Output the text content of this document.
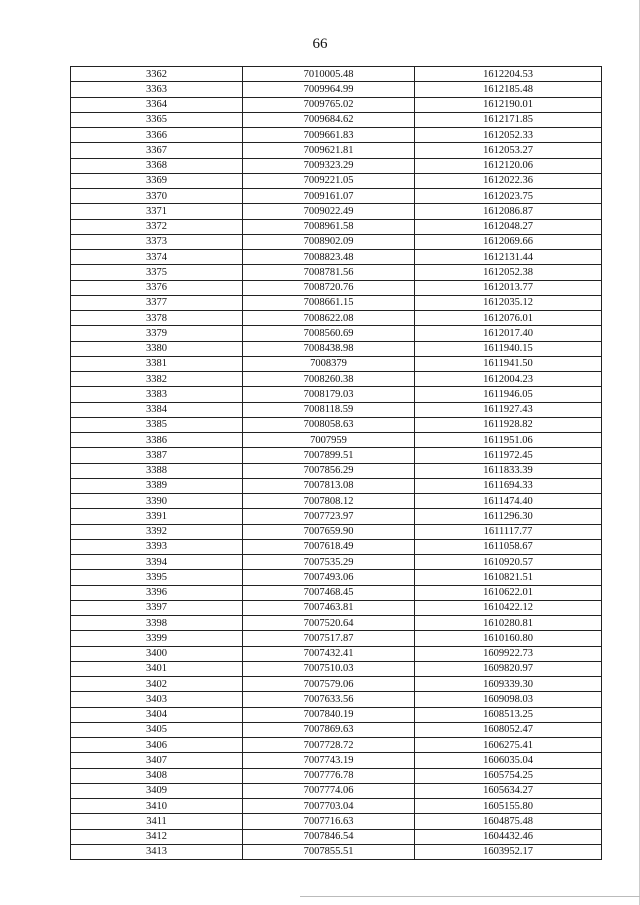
66
3362	7010005.48	1612204.53
3363	7009964.99	1612185.48
3364	7009765.02	1612190.01
3365	7009684.62	1612171.85
3366	7009661.83	1612052.33
3367	7009621.81	1612053.27
3368	7009323.29	1612120.06
3369	7009221.05	1612022.36
3370	7009161.07	1612023.75
3371	7009022.49	1612086.87
3372	7008961.58	1612048.27
3373	7008902.09	1612069.66
3374	7008823.48	1612131.44
3375	7008781.56	1612052.38
3376	7008720.76	1612013.77
3377	7008661.15	1612035.12
3378	7008622.08	1612076.01
3379	7008560.69	1612017.40
3380	7008438.98	1611940.15
3381	7008379	1611941.50
3382	7008260.38	1612004.23
3383	7008179.03	1611946.05
3384	7008118.59	1611927.43
3385	7008058.63	1611928.82
3386	7007959	1611951.06
3387	7007899.51	1611972.45
3388	7007856.29	1611833.39
3389	7007813.08	1611694.33
3390	7007808.12	1611474.40
3391	7007723.97	1611296.30
3392	7007659.90	1611117.77
3393	7007618.49	1611058.67
3394	7007535.29	1610920.57
3395	7007493.06	1610821.51
3396	7007468.45	1610622.01
3397	7007463.81	1610422.12
3398	7007520.64	1610280.81
3399	7007517.87	1610160.80
3400	7007432.41	1609922.73
3401	7007510.03	1609820.97
3402	7007579.06	1609339.30
3403	7007633.56	1609098.03
3404	7007840.19	1608513.25
3405	7007869.63	1608052.47
3406	7007728.72	1606275.41
3407	7007743.19	1606035.04
3408	7007776.78	1605754.25
3409	7007774.06	1605634.27
3410	7007703.04	1605155.80
3411	7007716.63	1604875.48
3412	7007846.54	1604432.46
3413	7007855.51	1603952.17
